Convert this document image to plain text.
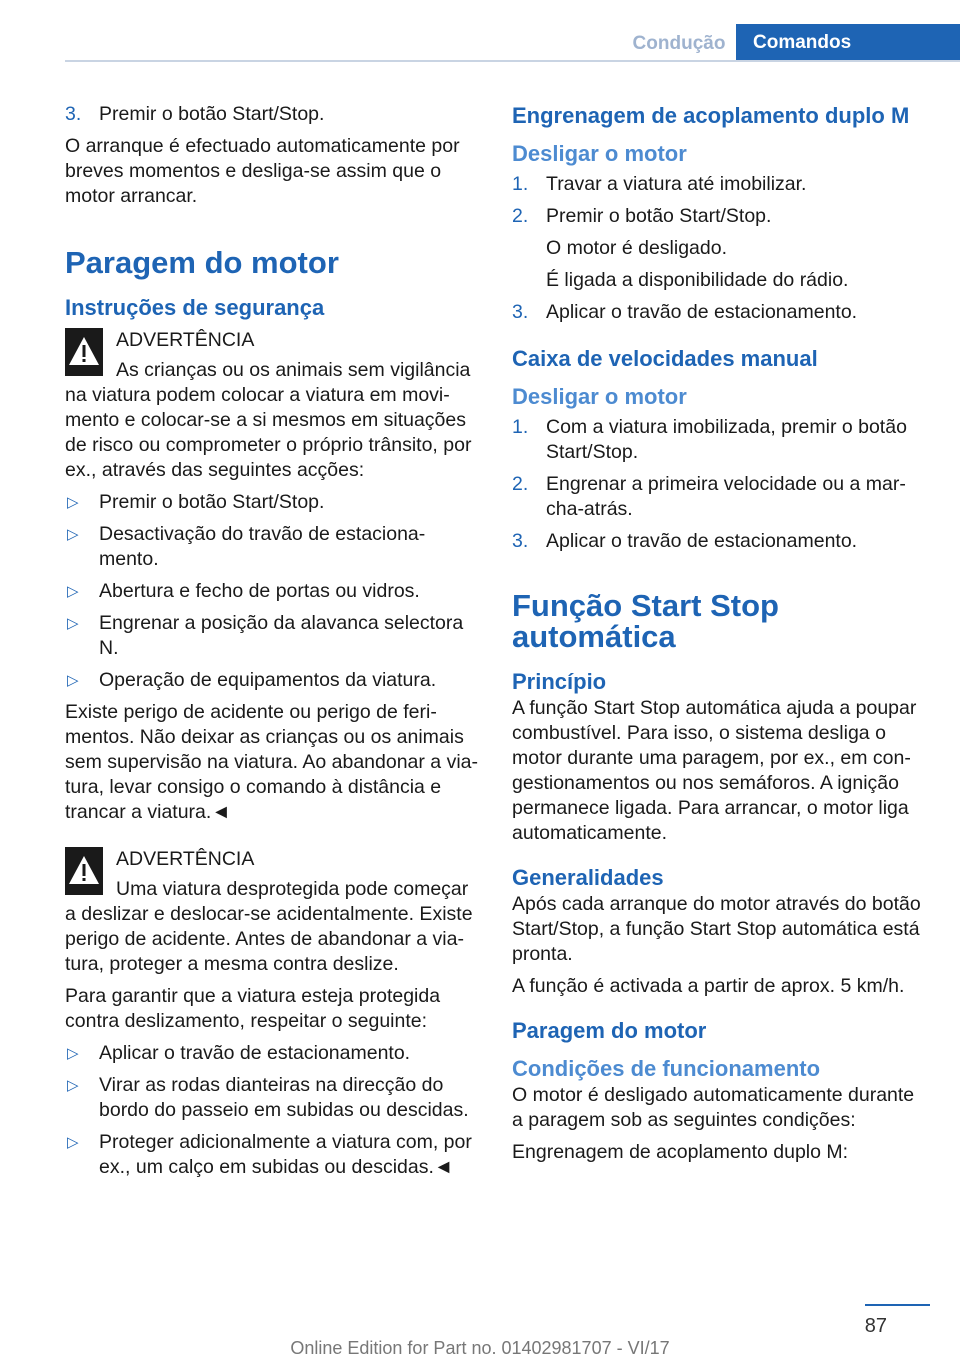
Condução	Comandos
3. Premir o botão Start/Stop.

O arranque é efectuado automaticamente por breves momentos e desliga-se assim que o motor arrancar.

Paragem do motor
Instruções de segurança

ADVERTÊNCIA

As crianças ou os animais sem vigilância

na viatura podem colocar a viatura em movi-mento e colocar-se a si mesmos em situações de risco ou comprometer o próprio trânsito, por ex., através das seguintes acções:

▷ Premir o botão Start/Stop.
▷ Desactivação do travão de estaciona-mento.
▷ Abertura e fecho de portas ou vidros.
▷ Engrenar a posição da alavanca selectora N.
▷ Operação de equipamentos da viatura.

Existe perigo de acidente ou perigo de feri-mentos. Não deixar as crianças ou os animais sem supervisão na viatura. Ao abandonar a via-tura, levar consigo o comando à distância e trancar a viatura.◄

ADVERTÊNCIA

Uma viatura desprotegida pode começar

a deslizar e deslocar-se acidentalmente. Existe perigo de acidente. Antes de abandonar a via-tura, proteger a mesma contra deslize.

Para garantir que a viatura esteja protegida contra deslizamento, respeitar o seguinte:

▷ Aplicar o travão de estacionamento.
▷ Virar as rodas dianteiras na direcção do bordo do passeio em subidas ou descidas.
▷ Proteger adicionalmente a viatura com, por ex., um calço em subidas ou descidas.◄
Engrenagem de acoplamento duplo M
Desligar o motor
1. Travar a viatura até imobilizar.
2. Premir o botão Start/Stop.

O motor é desligado.

É ligada a disponibilidade do rádio.

3. Aplicar o travão de estacionamento.
Caixa de velocidades manual
Desligar o motor
1. Com a viatura imobilizada, premir o botão Start/Stop.
2. Engrenar a primeira velocidade ou a mar-cha-atrás.
3. Aplicar o travão de estacionamento.
Função Start Stop automática
Princípio

A função Start Stop automática ajuda a poupar combustível. Para isso, o sistema desliga o motor durante uma paragem, por ex., em con-gestionamentos ou nos semáforos. A ignição permanece ligada. Para arrancar, o motor liga automaticamente.

Generalidades

Após cada arranque do motor através do botão Start/Stop, a função Start Stop automática está pronta.

A função é activada a partir de aprox. 5 km/h.

Paragem do motor
Condições de funcionamento

O motor é desligado automaticamente durante a paragem sob as seguintes condições:

Engrenagem de acoplamento duplo M:

87
Online Edition for Part no. 01402981707 - VI/17
